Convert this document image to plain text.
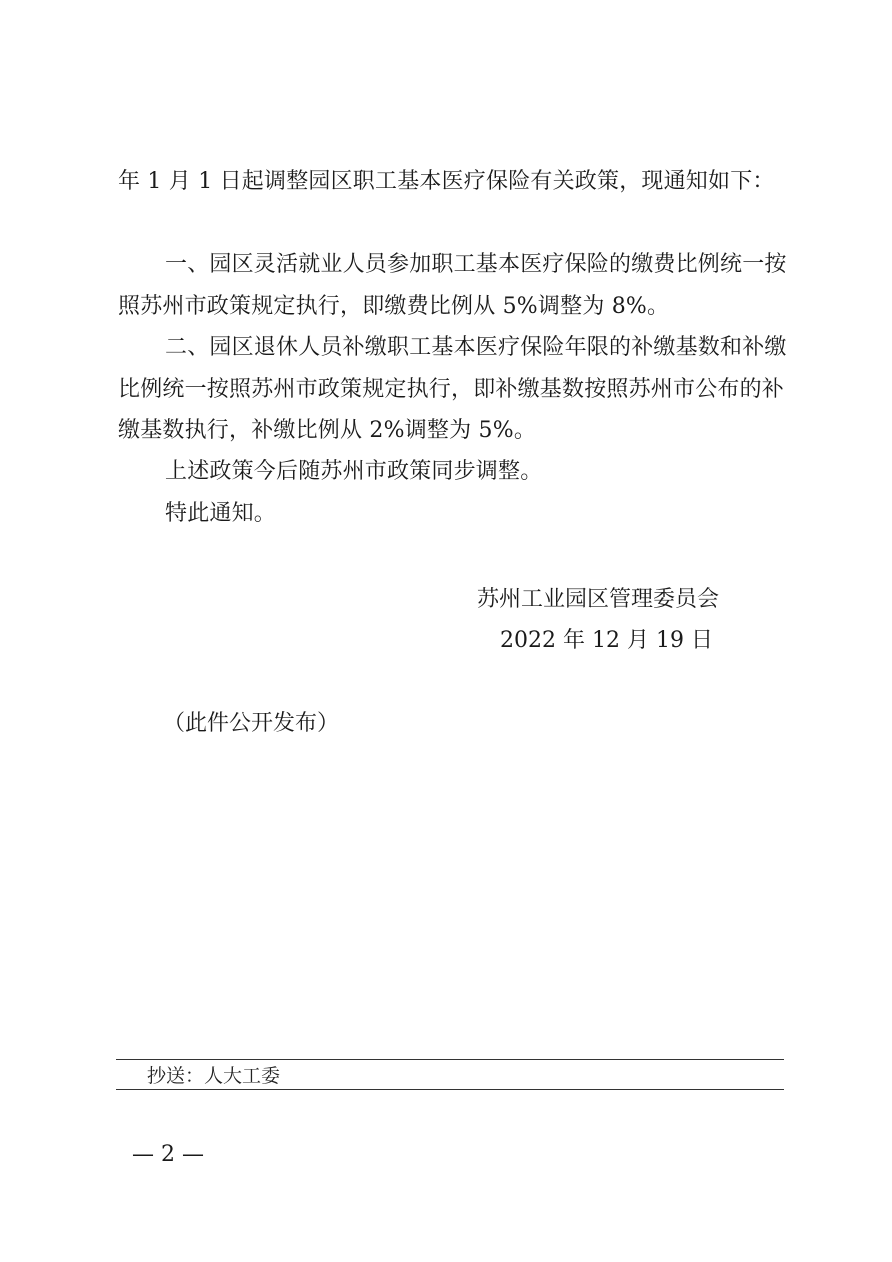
年 1 月 1 日起调整园区职工基本医疗保险有关政策，现通知如下：

一、园区灵活就业人员参加职工基本医疗保险的缴费比例统一按照苏州市政策规定执行，即缴费比例从 5%调整为 8%。

二、园区退休人员补缴职工基本医疗保险年限的补缴基数和补缴比例统一按照苏州市政策规定执行，即补缴基数按照苏州市公布的补缴基数执行，补缴比例从 2%调整为 5%。

上述政策今后随苏州市政策同步调整。

特此通知。

苏州工业园区管理委员会
2022 年 12 月 19 日
（此件公开发布）
抄送：人大工委
— 2 —
